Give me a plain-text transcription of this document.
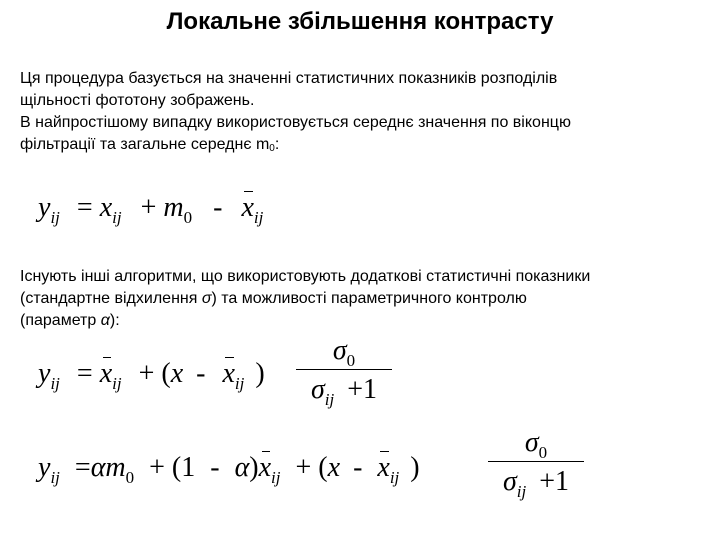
Локальне збільшення контрасту
Ця процедура базується на значенні статистичних показників розподілів
щільності фототону зображень.
В найпростішому випадку використовується середнє значення по віконцю
фільтрації та загальне середнє $m_0$:
$y_{ij} = x_{ij} + m_0 - x_{ij}$
Існують інші алгоритми, що використовують додаткові статистичні показники
(стандартне відхилення σ) та можливості параметричного контролю
(параметр α):
$y_{ij} = x_{ij} + (x - x_{ij}$ )
$\sigma_0$
$\sigma_{ij} +1$
$y_{ij} =\alpha m_0 + (1 - \alpha)x_{ij} + (x - x_{ij}$ )
$\sigma_0$
$\sigma_{ij} +1$
